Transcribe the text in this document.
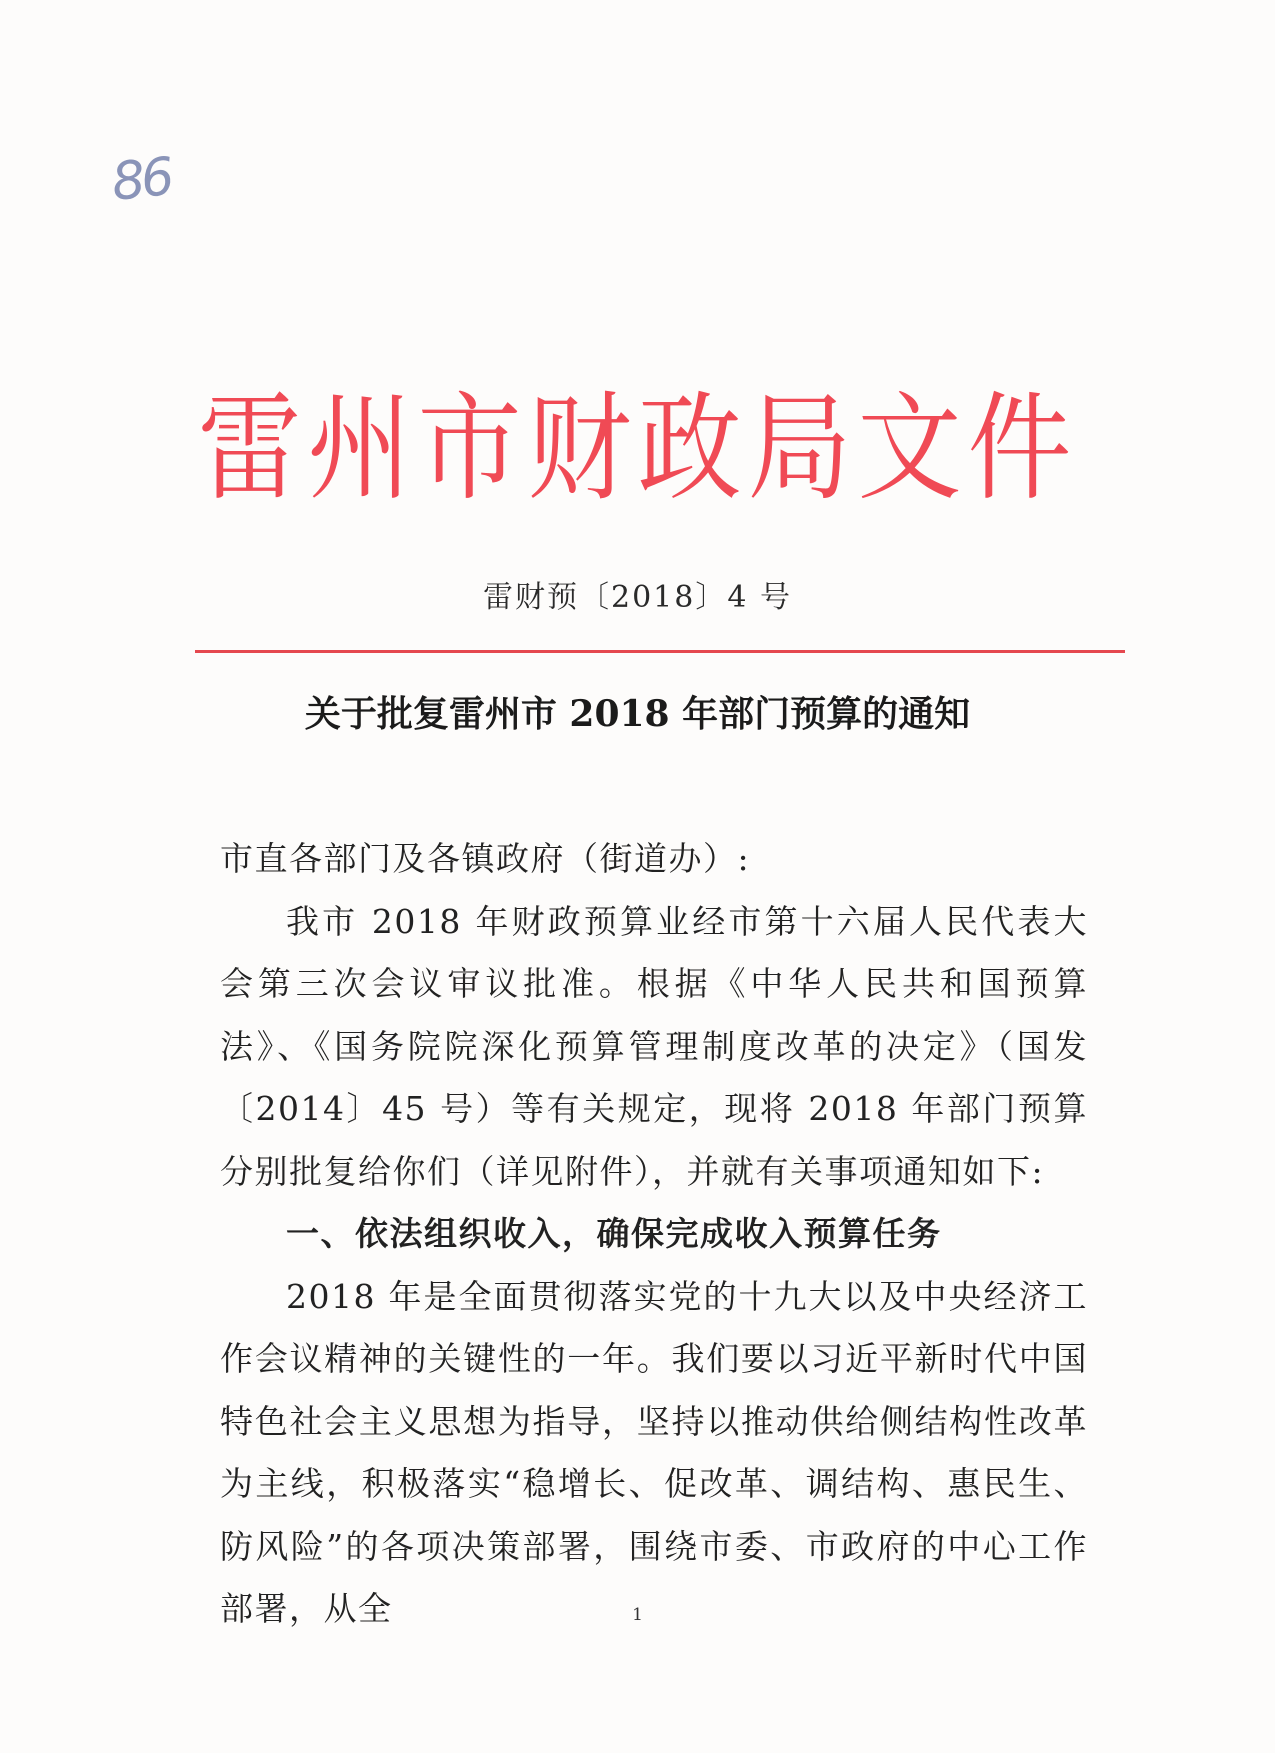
86
雷州市财政局文件
雷财预〔2018〕4 号
关于批复雷州市 2018 年部门预算的通知

市直各部门及各镇政府（街道办）:

我市 2018 年财政预算业经市第十六届人民代表大会第三次会议审议批准。根据《中华人民共和国预算法》、《国务院院深化预算管理制度改革的决定》（国发〔2014〕45 号）等有关规定，现将 2018 年部门预算分别批复给你们（详见附件），并就有关事项通知如下:

一、依法组织收入，确保完成收入预算任务

2018 年是全面贯彻落实党的十九大以及中央经济工作会议精神的关键性的一年。我们要以习近平新时代中国特色社会主义思想为指导，坚持以推动供给侧结构性改革为主线，积极落实“稳增长、促改革、调结构、惠民生、防风险”的各项决策部署，围绕市委、市政府的中心工作部署，从全	1
